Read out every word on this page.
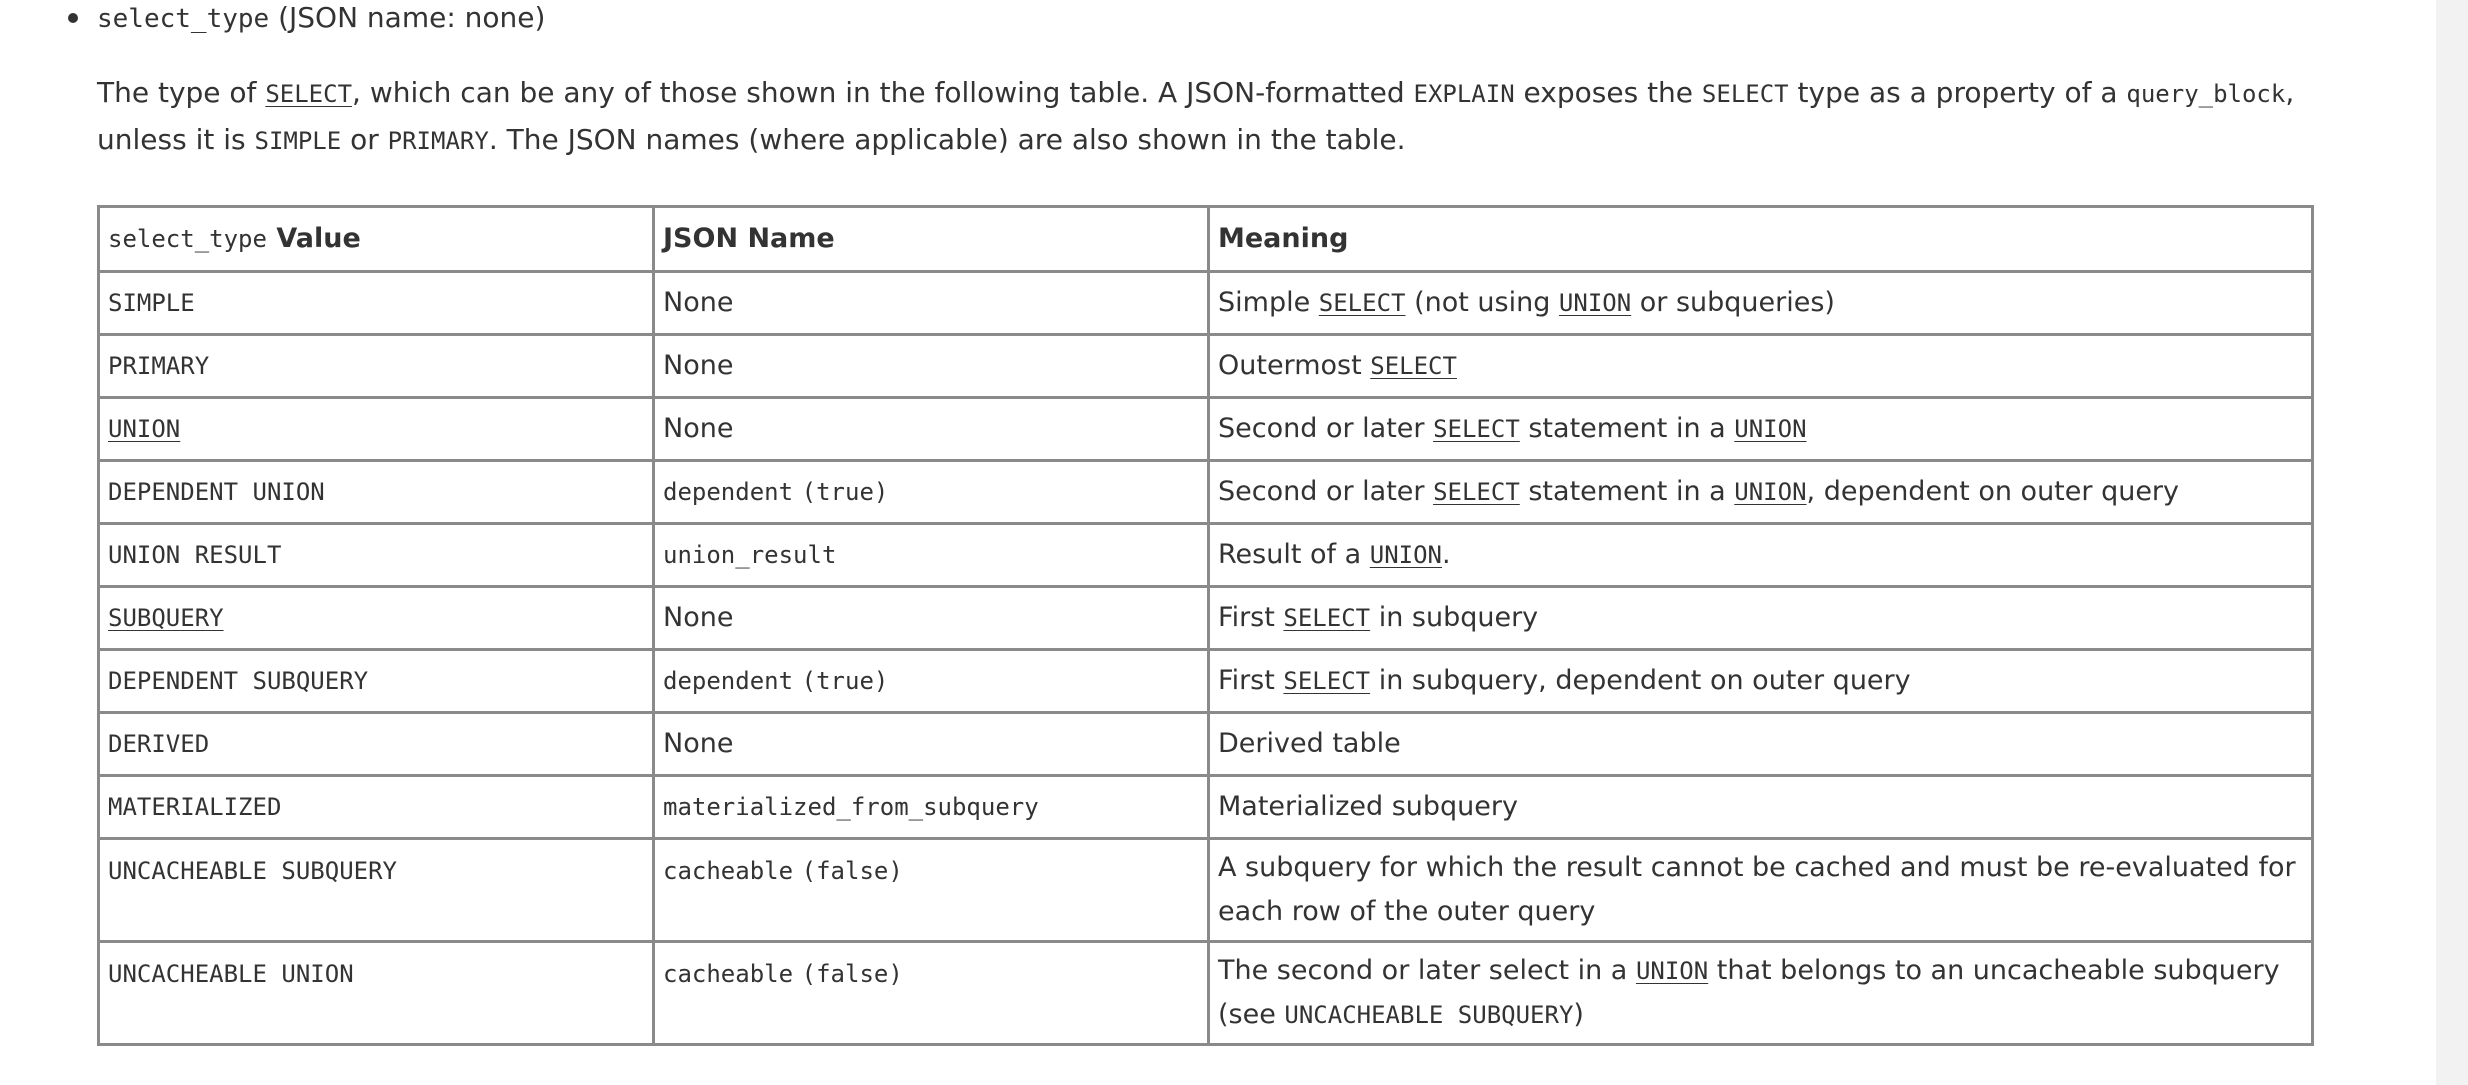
select_type (JSON name: none)
The type of SELECT, which can be any of those shown in the following table. A JSON-formatted EXPLAIN exposes the SELECT type as a property of a query_block, unless it is SIMPLE or PRIMARY. The JSON names (where applicable) are also shown in the table.
select_type Value	JSON Name	Meaning
SIMPLE	None	Simple SELECT (not using UNION or subqueries)
PRIMARY	None	Outermost SELECT
UNION	None	Second or later SELECT statement in a UNION
DEPENDENT UNION	dependent (true)	Second or later SELECT statement in a UNION, dependent on outer query
UNION RESULT	union_result	Result of a UNION.
SUBQUERY	None	First SELECT in subquery
DEPENDENT SUBQUERY	dependent (true)	First SELECT in subquery, dependent on outer query
DERIVED	None	Derived table
MATERIALIZED	materialized_from_subquery	Materialized subquery
UNCACHEABLE SUBQUERY	cacheable (false)	A subquery for which the result cannot be cached and must be re-evaluated for each row of the outer query
UNCACHEABLE UNION	cacheable (false)	The second or later select in a UNION that belongs to an uncacheable subquery (see UNCACHEABLE SUBQUERY)
